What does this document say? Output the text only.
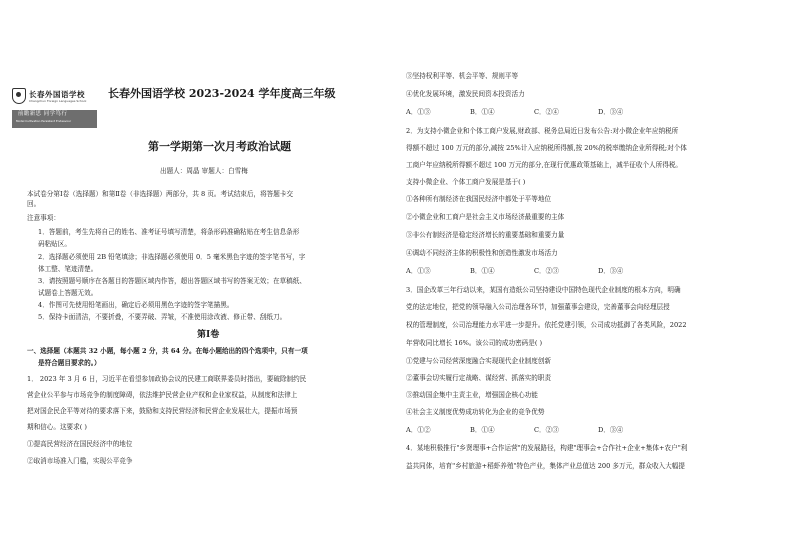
长春外国语学校
Changchun Foreign Languages School
前瞻新思 同学笃行
Model Cultivation Persistent Endeavour
长春外国语学校 2023-2024 学年度高三年级
第一学期第一次月考政治试题
出题人：周晶 审题人：白雪梅
本试卷分第Ⅰ卷（选择题）和第Ⅱ卷（非选择题）两部分，共 8 页。考试结束后，将答题卡交
回。
注意事项：
1．答题前，考生先将自己的姓名、准考证号填写清楚，将条形码准确粘贴在考生信息条形
码粘贴区。
2．选择题必须使用 2B 铅笔填涂；非选择题必须使用 0．5 毫米黑色字迹的签字笔书写，字
体工整、笔迹清楚。
3．请按照题号顺序在各题目的答题区域内作答，超出答题区域书写的答案无效；在草稿纸、
试题卷上答题无效。
4．作图可先使用铅笔画出，确定后必须用黑色字迹的签字笔描黑。
5．保持卡面清洁，不要折叠，不要弄破、弄皱，不准使用涂改液、修正带、刮纸刀。
第Ⅰ卷
一、选择题（本题共 32 小题，每小题 2 分，共 64 分。在每小题给出的四个选项中，只有一项
是符合题目要求的。）
1． 2023 年 3 月 6 日，习近平在看望参加政协会议的民建工商联界委员时指出，要破除制约民
营企业公平参与市场竞争的制度障碍，依法维护民营企业产权和企业家权益，从制度和法律上
把对国企民企平等对待的要求落下来，鼓励和支持民营经济和民营企业发展壮大，提振市场预
期和信心。这要求( )
①提高民营经济在国民经济中的地位
②取消市场准入门槛，实现公平竞争
③坚持权利平等、机会平等、规则平等
④优化发展环境，激发民间资本投资活力
A．①③	B．①④	C．②④	D．③④
2．为支持小微企业和个体工商户发展,财政部、税务总局近日发布公告:对小微企业年应纳税所
得额不超过 100 万元的部分,减按 25%计入应纳税所得额,按 20%的税率缴纳企业所得税;对个体
工商户年应纳税所得额不超过 100 万元的部分,在现行优惠政策基础上，减半征收个人所得税。
支持小微企业、个体工商户发展是基于( )
①各种所有制经济在我国民经济中都处于平等地位
②小微企业和工商户是社会主义市场经济最重要的主体
③非公有制经济是稳定经济增长的重要基础和重要力量
④调动不同经济主体的积极性和创造性激发市场活力
A．①③	B．①④	C．②③	D．③④
3．国企改革三年行动以来，某国有造纸公司坚持建设中国特色现代企业制度的根本方向，明确
党的法定地位，把党的领导融入公司治理各环节，加强董事会建设，完善董事会向经理层授
权的管理制度，公司治理能力水平进一步提升。依托党建引领，公司成功抵御了各类风险，2022
年营收同比增长 16%。该公司的成功密码是( )
①党建与公司经营深度融合实现现代企业制度创新
②董事会切实履行定战略、谋经营、抓落实的职责
③推动国企集中主责主业，增强国企核心功能
④社会主义制度优势成功转化为企业的竞争优势
A．①②	B．①④	C．②③	D．③④
4．某地积极推行"乡贤理事+合作运营"的发展路径，构建"理事会+合作社+企业+集体+农户"利
益共同体，培育"乡村旅游+稻虾养殖"特色产业，集体产业总值达 200 多万元，群众收入大幅提
